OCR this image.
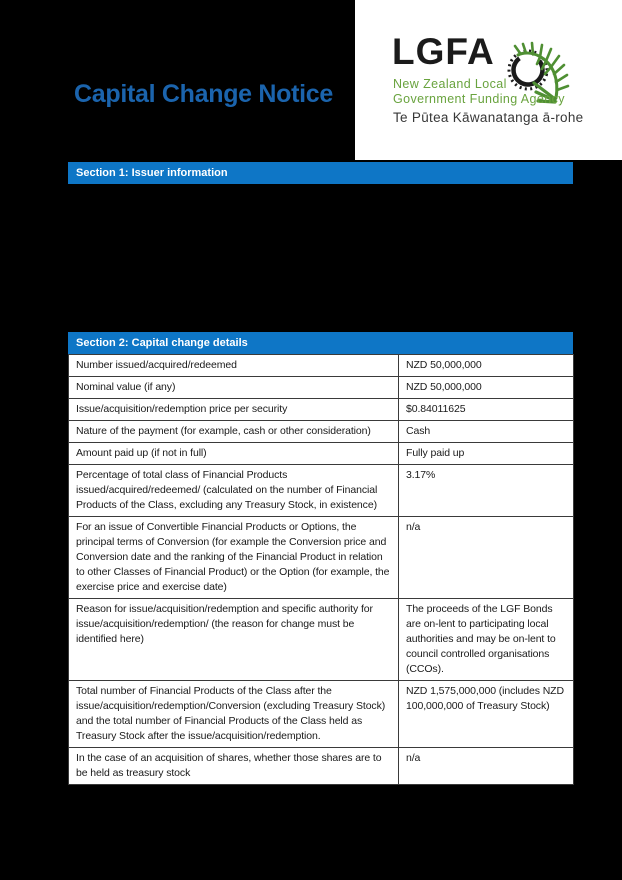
Capital Change Notice
LGFA
New Zealand Local
Government Funding Agency
Te Pūtea Kāwanatanga ā-rohe
Section 1: Issuer information
Section 2: Capital change details
Number issued/acquired/redeemed	NZD 50,000,000
Nominal value (if any)	NZD 50,000,000
Issue/acquisition/redemption price per security	$0.84011625
Nature of the payment (for example, cash or other consideration)	Cash
Amount paid up (if not in full)	Fully paid up
Percentage of total class of Financial Products issued/acquired/redeemed/ (calculated on the number of Financial Products of the Class, excluding any Treasury Stock, in existence)	3.17%
For an issue of Convertible Financial Products or Options, the principal terms of Conversion (for example the Conversion price and Conversion date and the ranking of the Financial Product in relation to other Classes of Financial Product) or the Option (for example, the exercise price and exercise date)	n/a
Reason for issue/acquisition/redemption and specific authority for issue/acquisition/redemption/ (the reason for change must be identified here)	The proceeds of the LGF Bonds are on-lent to participating local authorities and may be on-lent to council controlled organisations (CCOs).
Total number of Financial Products of the Class after the issue/acquisition/redemption/Conversion (excluding Treasury Stock) and the total number of Financial Products of the Class held as Treasury Stock after the issue/acquisition/redemption.	NZD 1,575,000,000 (includes NZD 100,000,000 of Treasury Stock)
In the case of an acquisition of shares, whether those shares are to be held as treasury stock	n/a
